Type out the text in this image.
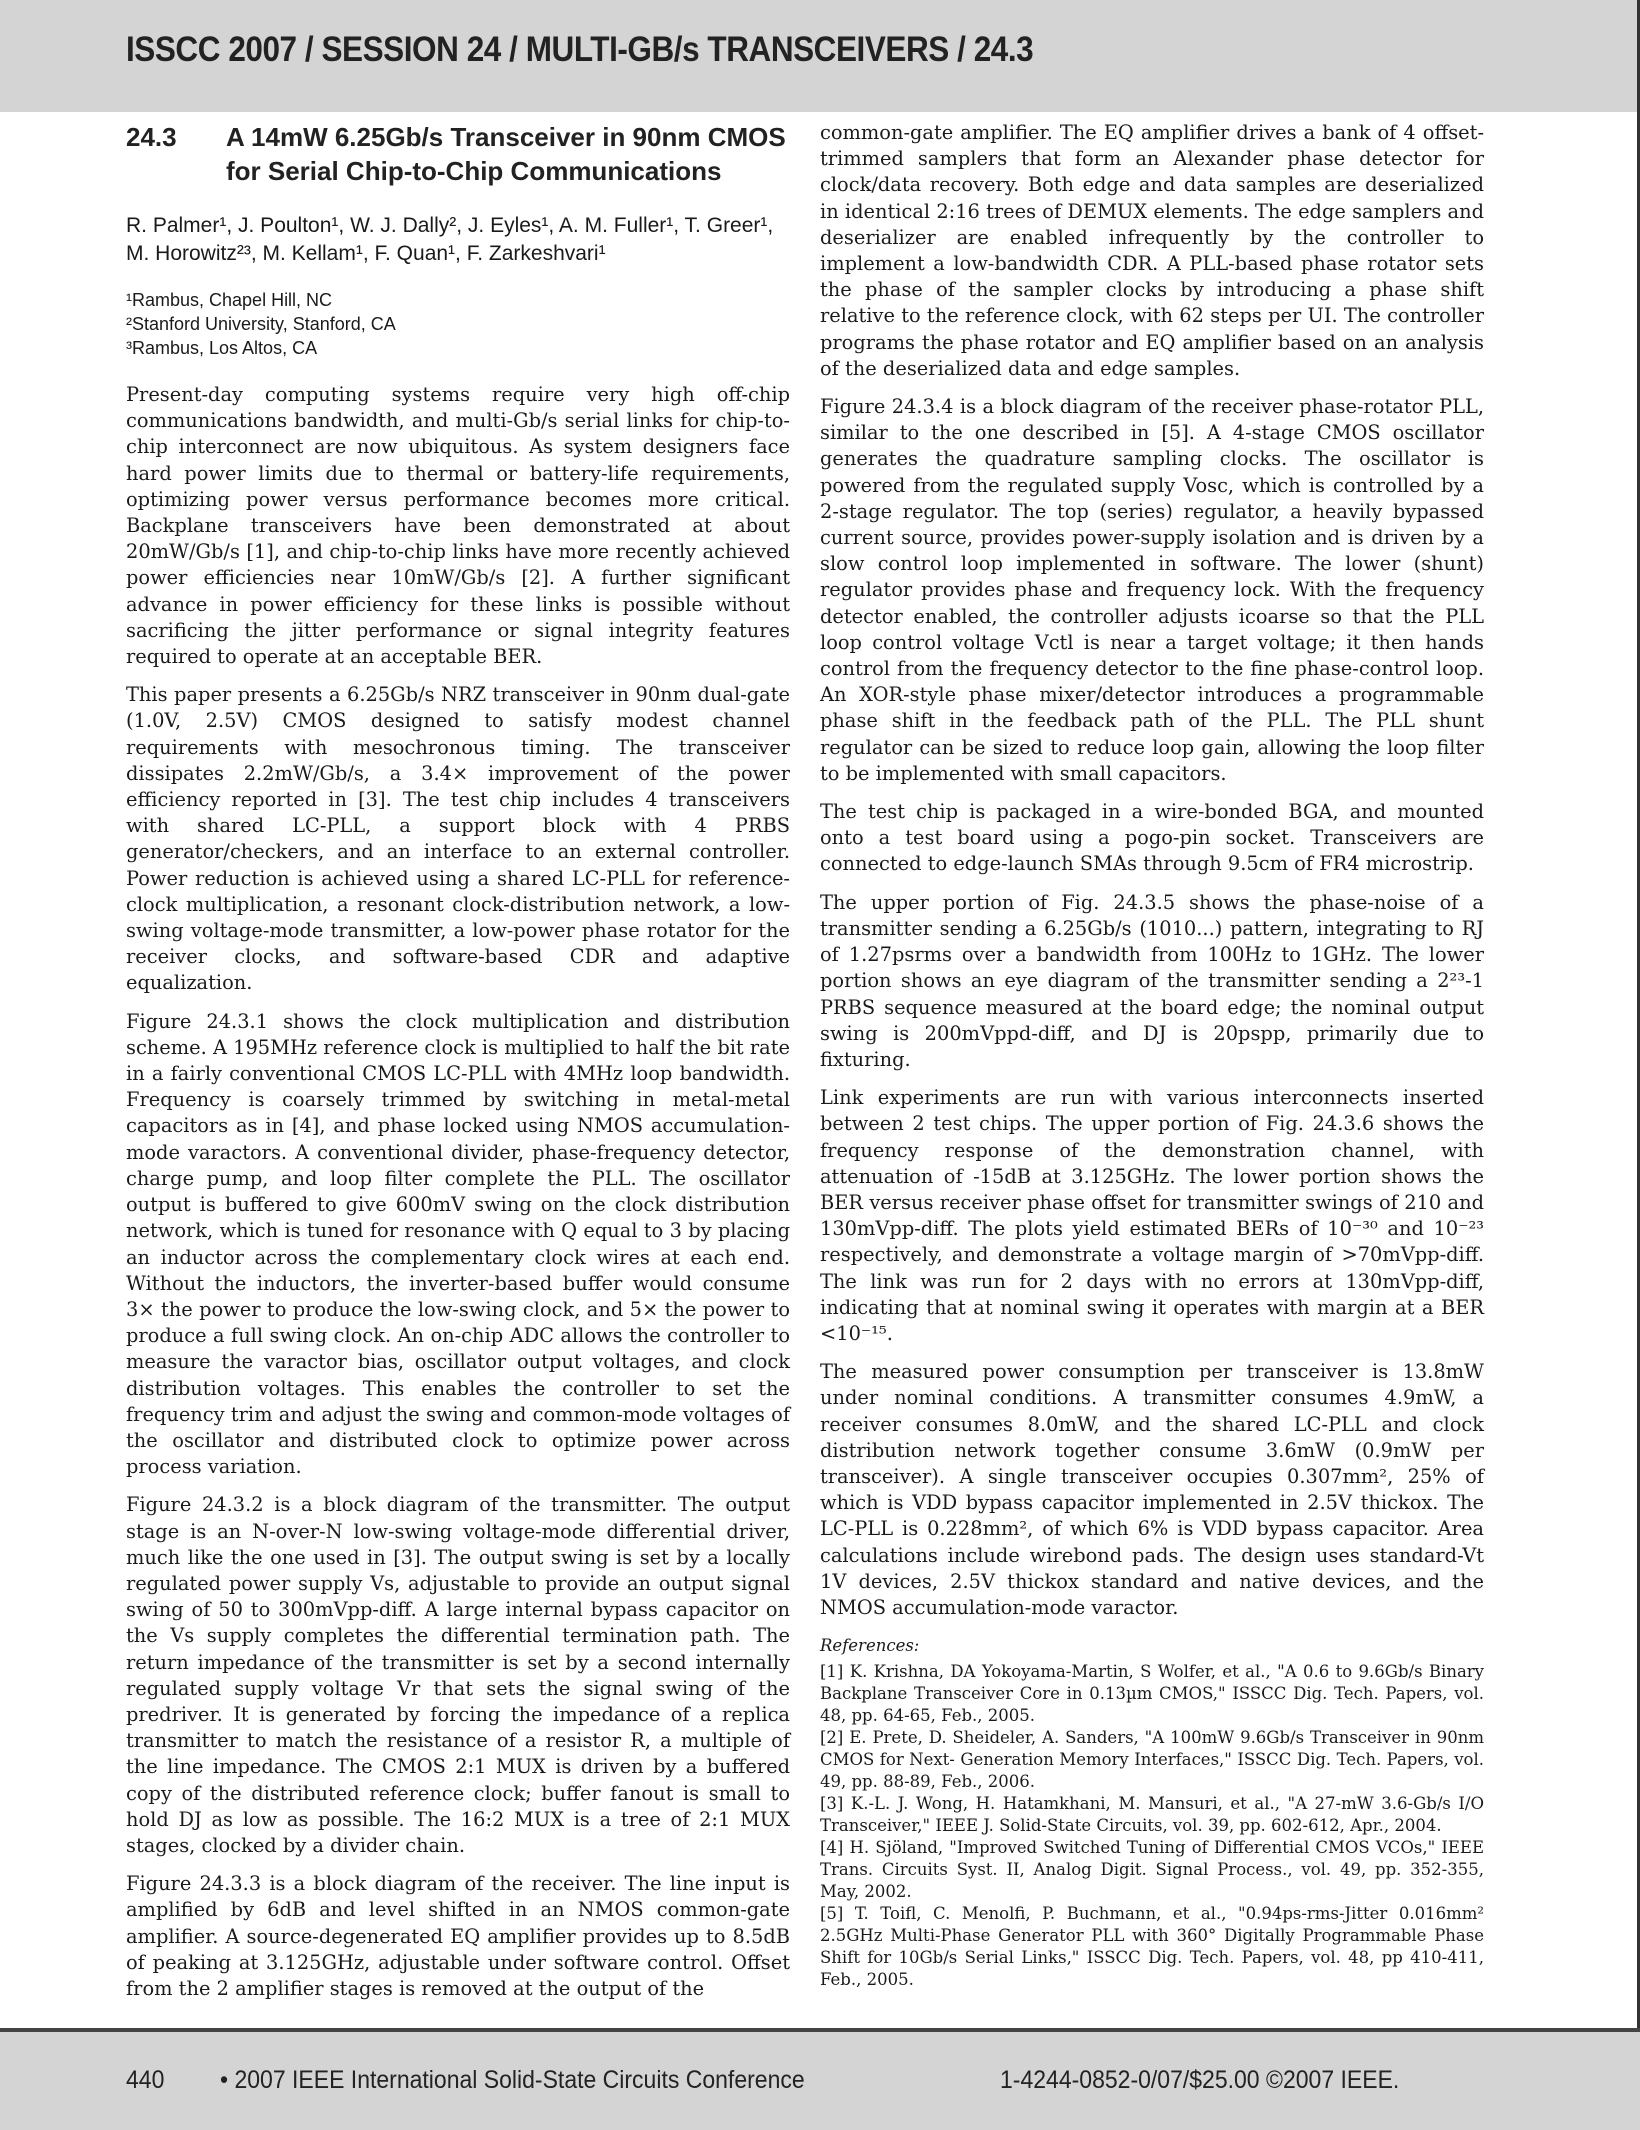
ISSCC 2007 / SESSION 24 / MULTI-GB/s TRANSCEIVERS / 24.3
24.3	A 14mW 6.25Gb/s Transceiver in 90nm CMOS for Serial Chip-to-Chip Communications
R. Palmer¹, J. Poulton¹, W. J. Dally², J. Eyles¹, A. M. Fuller¹, T. Greer¹, M. Horowitz²³, M. Kellam¹, F. Quan¹, F. Zarkeshvari¹
¹Rambus, Chapel Hill, NC
²Stanford University, Stanford, CA
³Rambus, Los Altos, CA

Present-day computing systems require very high off-chip communications bandwidth, and multi-Gb/s serial links for chip-to-chip interconnect are now ubiquitous. As system designers face hard power limits due to thermal or battery-life requirements, optimizing power versus performance becomes more critical. Backplane transceivers have been demonstrated at about 20mW/Gb/s [1], and chip-to-chip links have more recently achieved power efficiencies near 10mW/Gb/s [2]. A further significant advance in power efficiency for these links is possible without sacrificing the jitter performance or signal integrity features required to operate at an acceptable BER.

This paper presents a 6.25Gb/s NRZ transceiver in 90nm dual-gate (1.0V, 2.5V) CMOS designed to satisfy modest channel requirements with mesochronous timing. The transceiver dissipates 2.2mW/Gb/s, a 3.4× improvement of the power efficiency reported in [3]. The test chip includes 4 transceivers with shared LC-PLL, a support block with 4 PRBS generator/checkers, and an interface to an external controller. Power reduction is achieved using a shared LC-PLL for reference-clock multiplication, a resonant clock-distribution network, a low-swing voltage-mode transmitter, a low-power phase rotator for the receiver clocks, and software-based CDR and adaptive equalization.

Figure 24.3.1 shows the clock multiplication and distribution scheme. A 195MHz reference clock is multiplied to half the bit rate in a fairly conventional CMOS LC-PLL with 4MHz loop bandwidth. Frequency is coarsely trimmed by switching in metal-metal capacitors as in [4], and phase locked using NMOS accumulation-mode varactors. A conventional divider, phase-frequency detector, charge pump, and loop filter complete the PLL. The oscillator output is buffered to give 600mV swing on the clock distribution network, which is tuned for resonance with Q equal to 3 by placing an inductor across the complementary clock wires at each end. Without the inductors, the inverter-based buffer would consume 3× the power to produce the low-swing clock, and 5× the power to produce a full swing clock. An on-chip ADC allows the controller to measure the varactor bias, oscillator output voltages, and clock distribution voltages. This enables the controller to set the frequency trim and adjust the swing and common-mode voltages of the oscillator and distributed clock to optimize power across process variation.

Figure 24.3.2 is a block diagram of the transmitter. The output stage is an N-over-N low-swing voltage-mode differential driver, much like the one used in [3]. The output swing is set by a locally regulated power supply Vs, adjustable to provide an output signal swing of 50 to 300mVpp-diff. A large internal bypass capacitor on the Vs supply completes the differential termination path. The return impedance of the transmitter is set by a second internally regulated supply voltage Vr that sets the signal swing of the predriver. It is generated by forcing the impedance of a replica transmitter to match the resistance of a resistor R, a multiple of the line impedance. The CMOS 2:1 MUX is driven by a buffered copy of the distributed reference clock; buffer fanout is small to hold DJ as low as possible. The 16:2 MUX is a tree of 2:1 MUX stages, clocked by a divider chain.

Figure 24.3.3 is a block diagram of the receiver. The line input is amplified by 6dB and level shifted in an NMOS common-gate amplifier. A source-degenerated EQ amplifier provides up to 8.5dB of peaking at 3.125GHz, adjustable under software control. Offset from the 2 amplifier stages is removed at the output of the

common-gate amplifier. The EQ amplifier drives a bank of 4 offset-trimmed samplers that form an Alexander phase detector for clock/data recovery. Both edge and data samples are deserialized in identical 2:16 trees of DEMUX elements. The edge samplers and deserializer are enabled infrequently by the controller to implement a low-bandwidth CDR. A PLL-based phase rotator sets the phase of the sampler clocks by introducing a phase shift relative to the reference clock, with 62 steps per UI. The controller programs the phase rotator and EQ amplifier based on an analysis of the deserialized data and edge samples.

Figure 24.3.4 is a block diagram of the receiver phase-rotator PLL, similar to the one described in [5]. A 4-stage CMOS oscillator generates the quadrature sampling clocks. The oscillator is powered from the regulated supply Vosc, which is controlled by a 2-stage regulator. The top (series) regulator, a heavily bypassed current source, provides power-supply isolation and is driven by a slow control loop implemented in software. The lower (shunt) regulator provides phase and frequency lock. With the frequency detector enabled, the controller adjusts icoarse so that the PLL loop control voltage Vctl is near a target voltage; it then hands control from the frequency detector to the fine phase-control loop. An XOR-style phase mixer/detector introduces a programmable phase shift in the feedback path of the PLL. The PLL shunt regulator can be sized to reduce loop gain, allowing the loop filter to be implemented with small capacitors.

The test chip is packaged in a wire-bonded BGA, and mounted onto a test board using a pogo-pin socket. Transceivers are connected to edge-launch SMAs through 9.5cm of FR4 microstrip.

The upper portion of Fig. 24.3.5 shows the phase-noise of a transmitter sending a 6.25Gb/s (1010...) pattern, integrating to RJ of 1.27psrms over a bandwidth from 100Hz to 1GHz. The lower portion shows an eye diagram of the transmitter sending a 2²³-1 PRBS sequence measured at the board edge; the nominal output swing is 200mVppd-diff, and DJ is 20pspp, primarily due to fixturing.

Link experiments are run with various interconnects inserted between 2 test chips. The upper portion of Fig. 24.3.6 shows the frequency response of the demonstration channel, with attenuation of -15dB at 3.125GHz. The lower portion shows the BER versus receiver phase offset for transmitter swings of 210 and 130mVpp-diff. The plots yield estimated BERs of 10⁻³⁰ and 10⁻²³ respectively, and demonstrate a voltage margin of >70mVpp-diff. The link was run for 2 days with no errors at 130mVpp-diff, indicating that at nominal swing it operates with margin at a BER <10⁻¹⁵.

The measured power consumption per transceiver is 13.8mW under nominal conditions. A transmitter consumes 4.9mW, a receiver consumes 8.0mW, and the shared LC-PLL and clock distribution network together consume 3.6mW (0.9mW per transceiver). A single transceiver occupies 0.307mm², 25% of which is VDD bypass capacitor implemented in 2.5V thickox. The LC-PLL is 0.228mm², of which 6% is VDD bypass capacitor. Area calculations include wirebond pads. The design uses standard-Vt 1V devices, 2.5V thickox standard and native devices, and the NMOS accumulation-mode varactor.

References:
[1] K. Krishna, DA Yokoyama-Martin, S Wolfer, et al., "A 0.6 to 9.6Gb/s Binary Backplane Transceiver Core in 0.13µm CMOS," ISSCC Dig. Tech. Papers, vol. 48, pp. 64-65, Feb., 2005.
[2] E. Prete, D. Sheideler, A. Sanders, "A 100mW 9.6Gb/s Transceiver in 90nm CMOS for Next- Generation Memory Interfaces," ISSCC Dig. Tech. Papers, vol. 49, pp. 88-89, Feb., 2006.
[3] K.-L. J. Wong, H. Hatamkhani, M. Mansuri, et al., "A 27-mW 3.6-Gb/s I/O Transceiver," IEEE J. Solid-State Circuits, vol. 39, pp. 602-612, Apr., 2004.
[4] H. Sjöland, "Improved Switched Tuning of Differential CMOS VCOs," IEEE Trans. Circuits Syst. II, Analog Digit. Signal Process., vol. 49, pp. 352-355, May, 2002.
[5] T. Toifl, C. Menolfi, P. Buchmann, et al., "0.94ps-rms-Jitter 0.016mm² 2.5GHz Multi-Phase Generator PLL with 360° Digitally Programmable Phase Shift for 10Gb/s Serial Links," ISSCC Dig. Tech. Papers, vol. 48, pp 410-411, Feb., 2005.
440 • 2007 IEEE International Solid-State Circuits Conference	1-4244-0852-0/07/$25.00 ©2007 IEEE.
